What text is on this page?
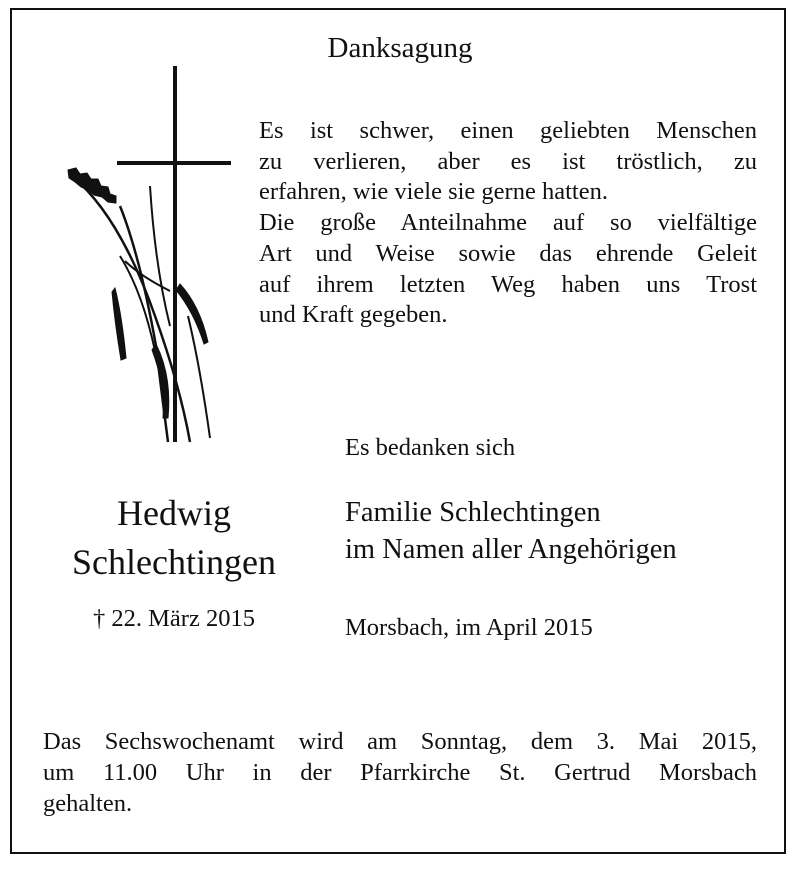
Danksagung
Es ist schwer, einen geliebten Menschen
zu verlieren, aber es ist tröstlich, zu
erfahren, wie viele sie gerne hatten.
Die große Anteilnahme auf so vielfältige
Art und Weise sowie das ehrende Geleit
auf ihrem letzten Weg haben uns Trost
und Kraft gegeben.
Es bedanken sich
Familie Schlechtingen
im Namen aller Angehörigen
Morsbach, im April 2015
Hedwig
Schlechtingen
† 22. März 2015
Das Sechswochenamt wird am Sonntag, dem 3. Mai 2015,
um 11.00 Uhr in der Pfarrkirche St. Gertrud Morsbach
gehalten.
